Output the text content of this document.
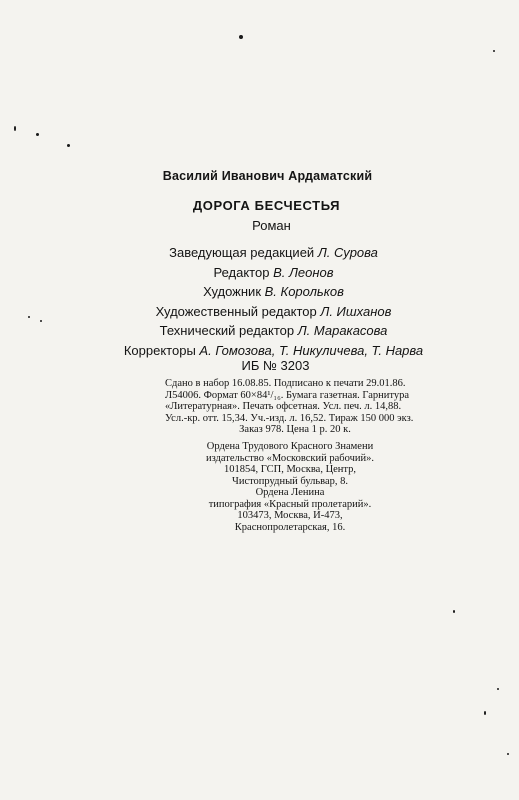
Василий Иванович Ардаматский
ДОРОГА БЕСЧЕСТЬЯ
Роман
Заведующая редакцией Л. Сурова
Редактор В. Леонов
Художник В. Корольков
Художественный редактор Л. Ишханов
Технический редактор Л. Маракасова
Корректоры А. Гомозова, Т. Никуличева, Т. Нарва
ИБ № 3203
Сдано в набор 16.08.85. Подписано к печати 29.01.86.
Л54006. Формат 60×84¹/₁₆. Бумага газетная. Гарнитура
«Литературная». Печать офсетная. Усл. печ. л. 14,88.
Усл.-кр. отт. 15,34. Уч.-изд. л. 16,52. Тираж 150 000 экз.
Заказ 978. Цена 1 р. 20 к.
Ордена Трудового Красного Знамени
издательство «Московский рабочий».
101854, ГСП, Москва, Центр,
Чистопрудный бульвар, 8.
Ордена Ленина
типография «Красный пролетарий».
103473, Москва, И-473,
Краснопролетарская, 16.
